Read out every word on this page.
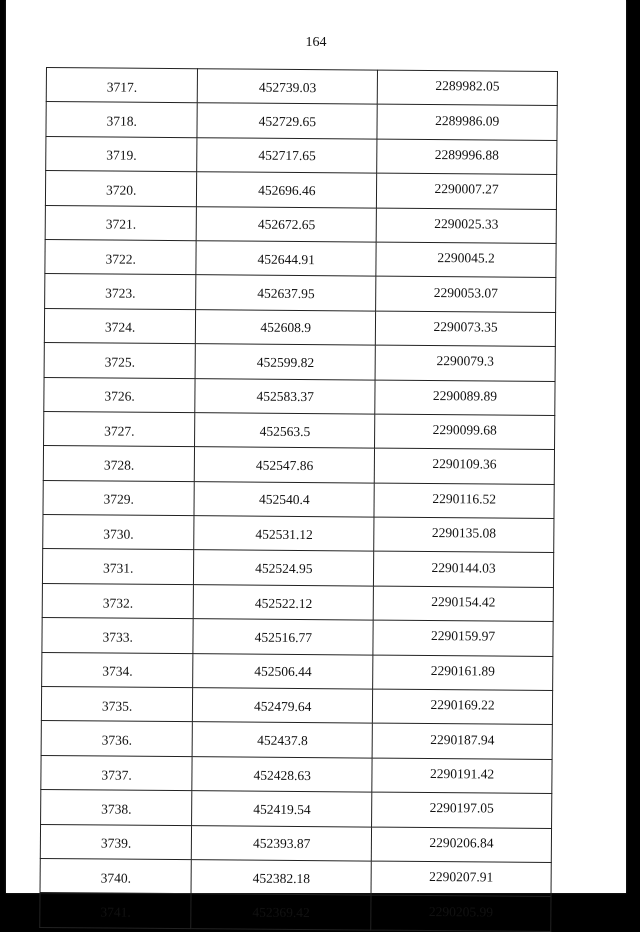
164
3717.	452739.03	2289982.05
3718.	452729.65	2289986.09
3719.	452717.65	2289996.88
3720.	452696.46	2290007.27
3721.	452672.65	2290025.33
3722.	452644.91	2290045.2
3723.	452637.95	2290053.07
3724.	452608.9	2290073.35
3725.	452599.82	2290079.3
3726.	452583.37	2290089.89
3727.	452563.5	2290099.68
3728.	452547.86	2290109.36
3729.	452540.4	2290116.52
3730.	452531.12	2290135.08
3731.	452524.95	2290144.03
3732.	452522.12	2290154.42
3733.	452516.77	2290159.97
3734.	452506.44	2290161.89
3735.	452479.64	2290169.22
3736.	452437.8	2290187.94
3737.	452428.63	2290191.42
3738.	452419.54	2290197.05
3739.	452393.87	2290206.84
3740.	452382.18	2290207.91
3741.	452369.42	2290205.99
